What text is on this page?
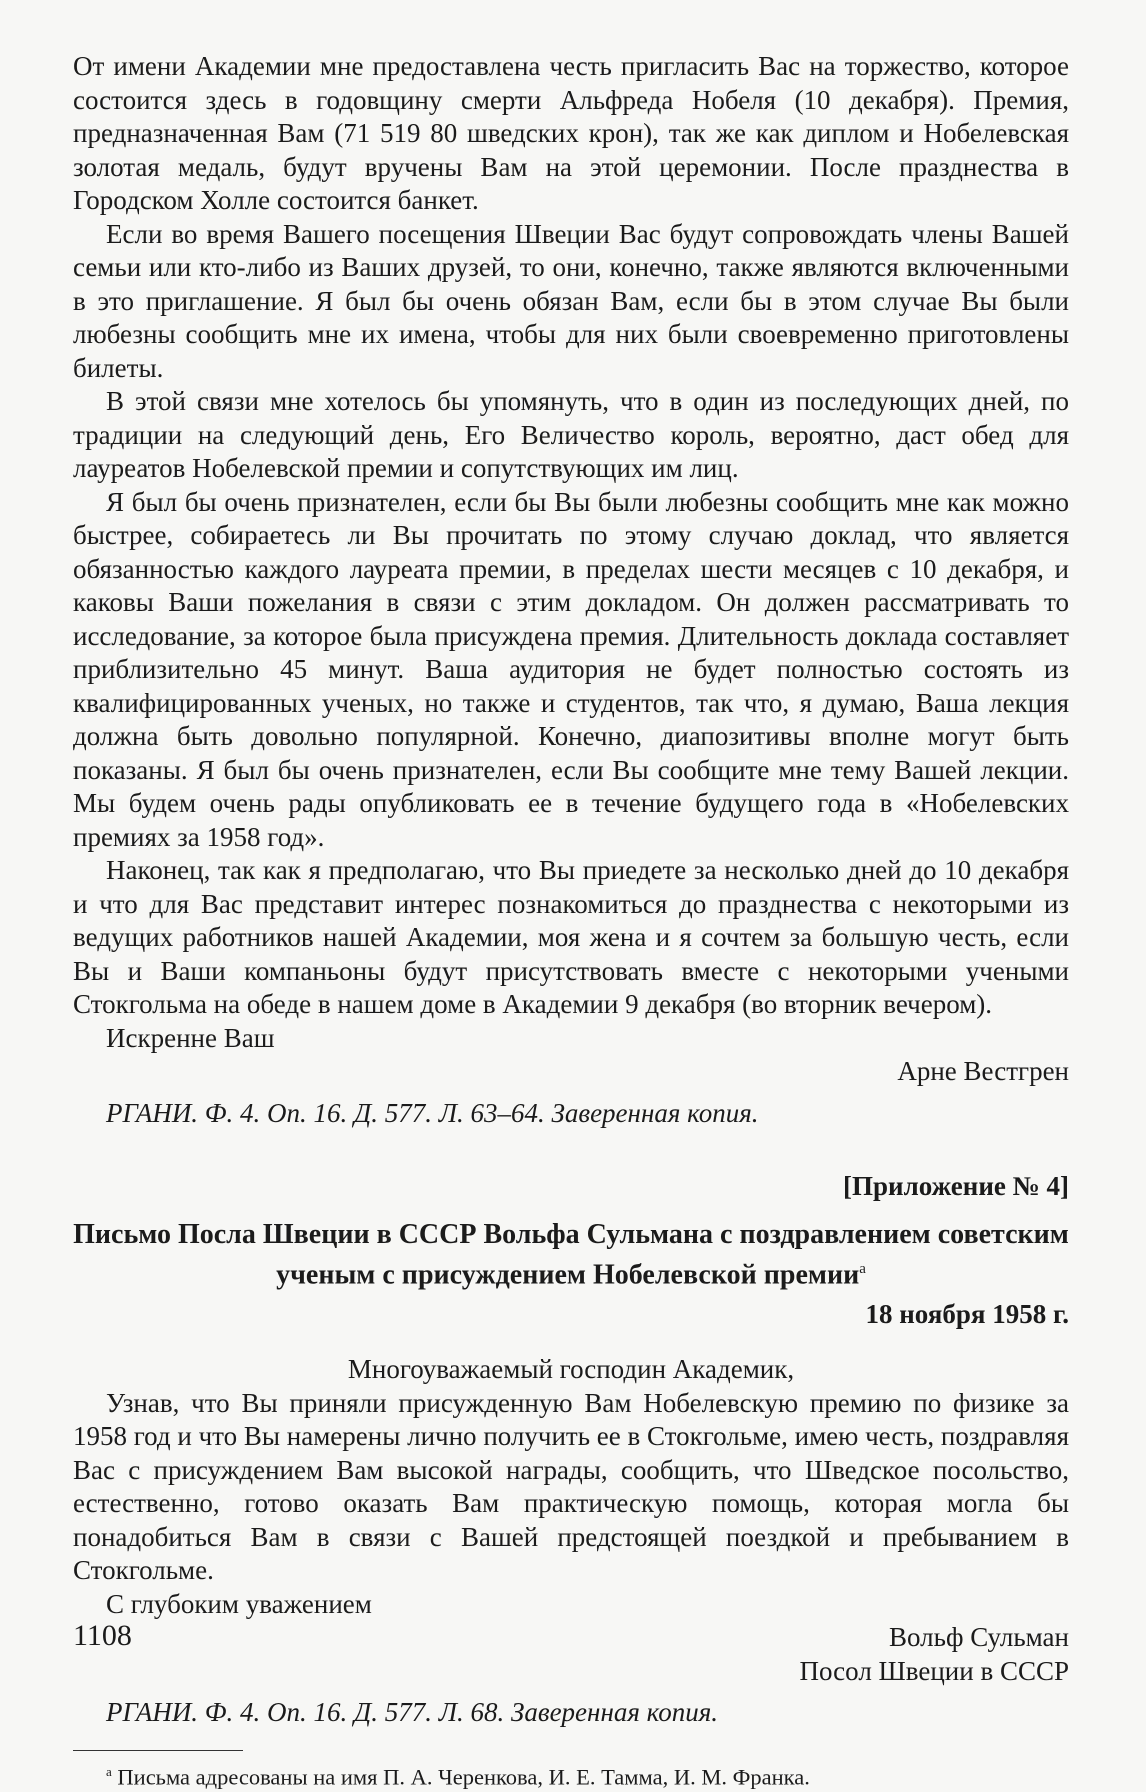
От имени Академии мне предоставлена честь пригласить Вас на торжество, которое состоится здесь в годовщину смерти Альфреда Нобеля (10 декабря). Премия, предназначенная Вам (71 519 80 шведских крон), так же как диплом и Нобелевская золотая медаль, будут вручены Вам на этой церемонии. После празднества в Городском Холле состоится банкет.

Если во время Вашего посещения Швеции Вас будут сопровождать члены Вашей семьи или кто-либо из Ваших друзей, то они, конечно, также являются включенными в это приглашение. Я был бы очень обязан Вам, если бы в этом случае Вы были любезны сообщить мне их имена, чтобы для них были своевременно приготовлены билеты.

В этой связи мне хотелось бы упомянуть, что в один из последующих дней, по традиции на следующий день, Его Величество король, вероятно, даст обед для лауреатов Нобелевской премии и сопутствующих им лиц.

Я был бы очень признателен, если бы Вы были любезны сообщить мне как можно быстрее, собираетесь ли Вы прочитать по этому случаю доклад, что является обязанностью каждого лауреата премии, в пределах шести месяцев с 10 декабря, и каковы Ваши пожелания в связи с этим докладом. Он должен рассматривать то исследование, за которое была присуждена премия. Длительность доклада составляет приблизительно 45 минут. Ваша аудитория не будет полностью состоять из квалифицированных ученых, но также и студентов, так что, я думаю, Ваша лекция должна быть довольно популярной. Конечно, диапозитивы вполне могут быть показаны. Я был бы очень признателен, если Вы сообщите мне тему Вашей лекции. Мы будем очень рады опубликовать ее в течение будущего года в «Нобелевских премиях за 1958 год».

Наконец, так как я предполагаю, что Вы приедете за несколько дней до 10 декабря и что для Вас представит интерес познакомиться до празднества с некоторыми из ведущих работников нашей Академии, моя жена и я сочтем за большую честь, если Вы и Ваши компаньоны будут присутствовать вместе с некоторыми учеными Стокгольма на обеде в нашем доме в Академии 9 декабря (во вторник вечером).

Искренне Ваш

Арне Вестгрен
РГАНИ. Ф. 4. Оп. 16. Д. 577. Л. 63–64. Заверенная копия.
[Приложение № 4]
Письмо Посла Швеции в СССР Вольфа Сульмана с поздравлением советским ученым с присуждением Нобелевской премии$^а$
18 ноября 1958 г.
Многоуважаемый господин Академик,

Узнав, что Вы приняли присужденную Вам Нобелевскую премию по физике за 1958 год и что Вы намерены лично получить ее в Стокгольме, имею честь, поздравляя Вас с присуждением Вам высокой награды, сообщить, что Шведское посольство, естественно, готово оказать Вам практическую помощь, которая могла бы понадобиться Вам в связи с Вашей предстоящей поездкой и пребыванием в Стокгольме.

С глубоким уважением

Вольф Сульман
Посол Швеции в СССР
РГАНИ. Ф. 4. Оп. 16. Д. 577. Л. 68. Заверенная копия.
$^а$ Письма адресованы на имя П. А. Черенкова, И. Е. Тамма, И. М. Франка.
1108
